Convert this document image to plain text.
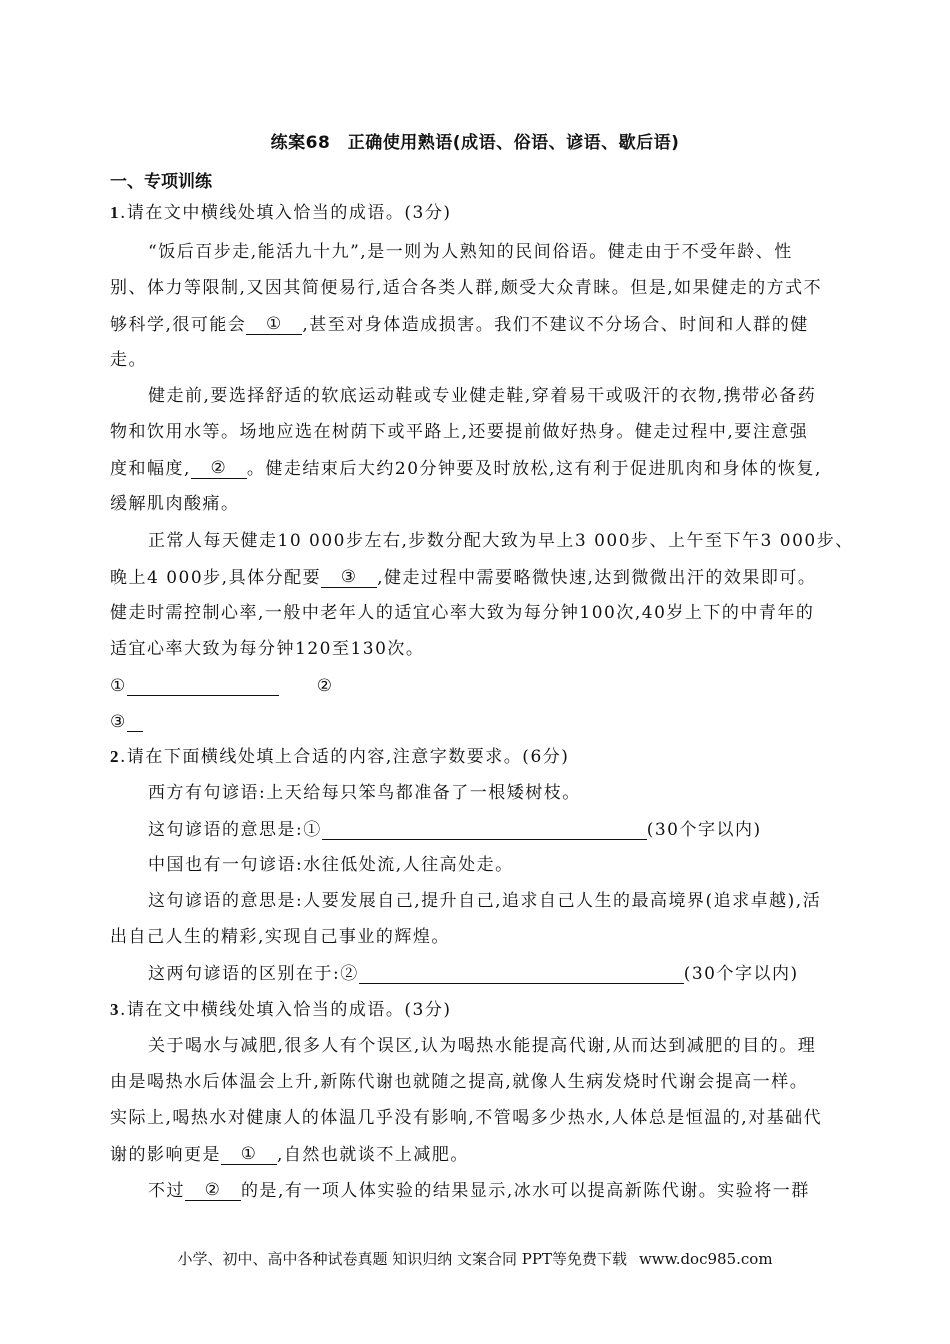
练案68　正确使用熟语(成语、俗语、谚语、歇后语)
一、专项训练
1.请在文中横线处填入恰当的成语。(3分)
“饭后百步走,能活九十九”,是一则为人熟知的民间俗语。健走由于不受年龄、性
别、体力等限制,又因其简便易行,适合各类人群,颇受大众青睐。但是,如果健走的方式不
够科学,很可能会 ① ,甚至对身体造成损害。我们不建议不分场合、时间和人群的健
走。
健走前,要选择舒适的软底运动鞋或专业健走鞋,穿着易干或吸汗的衣物,携带必备药
物和饮用水等。场地应选在树荫下或平路上,还要提前做好热身。健走过程中,要注意强
度和幅度, ② 。健走结束后大约20分钟要及时放松,这有利于促进肌肉和身体的恢复,
缓解肌肉酸痛。
正常人每天健走10 000步左右,步数分配大致为早上3 000步、上午至下午3 000步、
晚上4 000步,具体分配要 ③ ,健走过程中需要略微快速,达到微微出汗的效果即可。
健走时需控制心率,一般中老年人的适宜心率大致为每分钟100次,40岁上下的中青年的
适宜心率大致为每分钟120至130次。
①	②
③
2.请在下面横线处填上合适的内容,注意字数要求。(6分)
西方有句谚语:上天给每只笨鸟都准备了一根矮树枝。
这句谚语的意思是:①	(30个字以内)
中国也有一句谚语:水往低处流,人往高处走。
这句谚语的意思是:人要发展自己,提升自己,追求自己人生的最高境界(追求卓越),活
出自己人生的精彩,实现自己事业的辉煌。
这两句谚语的区别在于:②	(30个字以内)
3.请在文中横线处填入恰当的成语。(3分)
关于喝水与减肥,很多人有个误区,认为喝热水能提高代谢,从而达到减肥的目的。理
由是喝热水后体温会上升,新陈代谢也就随之提高,就像人生病发烧时代谢会提高一样。
实际上,喝热水对健康人的体温几乎没有影响,不管喝多少热水,人体总是恒温的,对基础代
谢的影响更是 ① ,自然也就谈不上减肥。
不过 ② 的是,有一项人体实验的结果显示,冰水可以提高新陈代谢。实验将一群
小学、初中、高中各种试卷真题 知识归纳 文案合同 PPT等免费下载 www.doc985.com
